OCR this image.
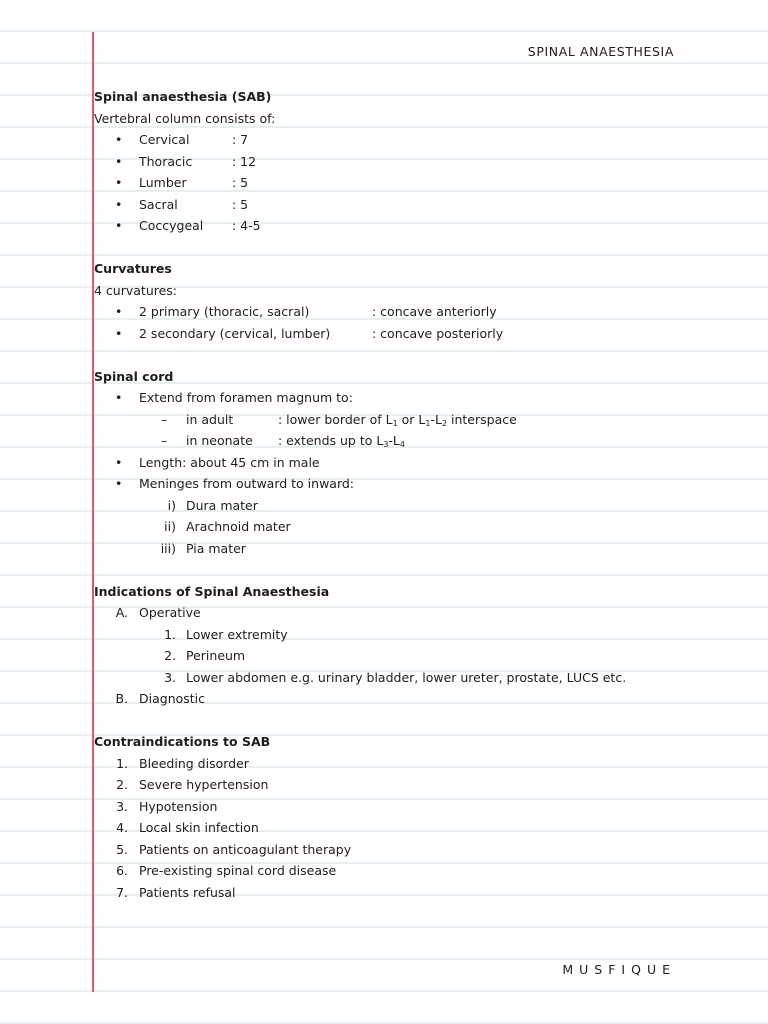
SPINAL ANAESTHESIA
Spinal anaesthesia (SAB)
Vertebral column consists of:
• Cervical	: 7
• Thoracic	: 12
• Lumber	: 5
• Sacral	: 5
• Coccygeal : 4-5
Curvatures
4 curvatures:
• 2 primary (thoracic, sacral)	: concave anteriorly
• 2 secondary (cervical, lumber)	: concave posteriorly
Spinal cord
• Extend from foramen magnum to:
– in adult	: lower border of $L_1$ or $L_1-L_2$ interspace
– in neonate : extends up to $L_3-L_4$
• Length: about 45 cm in male
• Meninges from outward to inward:
i) Dura mater
ii) Arachnoid mater
iii) Pia mater
Indications of Spinal Anaesthesia
A. Operative
1. Lower extremity
2. Perineum
3. Lower abdomen e.g. urinary bladder, lower ureter, prostate, LUCS etc.
B. Diagnostic
Contraindications to SAB
1. Bleeding disorder
2. Severe hypertension
3. Hypotension
4. Local skin infection
5. Patients on anticoagulant therapy
6. Pre-existing spinal cord disease
7. Patients refusal
MUSFIQUE
